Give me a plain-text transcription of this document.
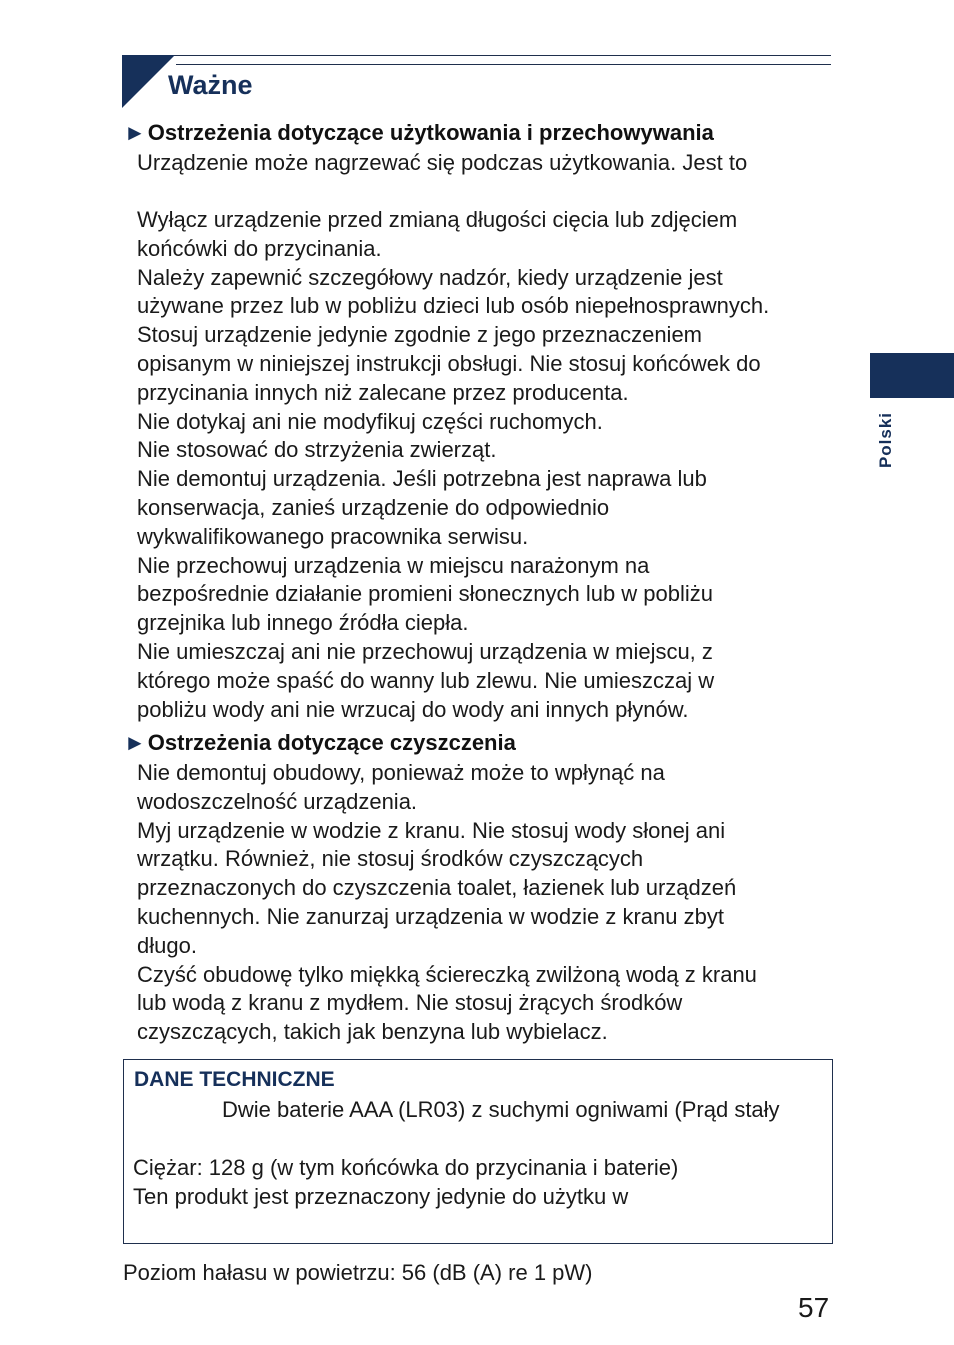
Ważne
Polski
►Ostrzeżenia dotyczące użytkowania i przechowywania
Urządzenie może nagrzewać się podczas użytkowania. Jest to
Wyłącz urządzenie przed zmianą długości cięcia lub zdjęciem
końcówki do przycinania.
Należy zapewnić szczegółowy nadzór, kiedy urządzenie jest
używane przez lub w pobliżu dzieci lub osób niepełnosprawnych.
Stosuj urządzenie jedynie zgodnie z jego przeznaczeniem
opisanym w niniejszej instrukcji obsługi. Nie stosuj końcówek do
przycinania innych niż zalecane przez producenta.
Nie dotykaj ani nie modyfikuj części ruchomych.
Nie stosować do strzyżenia zwierząt.
Nie demontuj urządzenia. Jeśli potrzebna jest naprawa lub
konserwacja, zanieś urządzenie do odpowiednio
wykwalifikowanego pracownika serwisu.
Nie przechowuj urządzenia w miejscu narażonym na
bezpośrednie działanie promieni słonecznych lub w pobliżu
grzejnika lub innego źródła ciepła.
Nie umieszczaj ani nie przechowuj urządzenia w miejscu, z
którego może spaść do wanny lub zlewu. Nie umieszczaj w
pobliżu wody ani nie wrzucaj do wody ani innych płynów.
►Ostrzeżenia dotyczące czyszczenia
Nie demontuj obudowy, ponieważ może to wpłynąć na
wodoszczelność urządzenia.
Myj urządzenie w wodzie z kranu. Nie stosuj wody słonej ani
wrzątku. Również, nie stosuj środków czyszczących
przeznaczonych do czyszczenia toalet, łazienek lub urządzeń
kuchennych. Nie zanurzaj urządzenia w wodzie z kranu zbyt
długo.
Czyść obudowę tylko miękką ściereczką zwilżoną wodą z kranu
lub wodą z kranu z mydłem. Nie stosuj żrących środków
czyszczących, takich jak benzyna lub wybielacz.
DANE TECHNICZNE
Dwie baterie AAA (LR03) z suchymi ogniwami (Prąd stały
Ciężar: 128 g (w tym końcówka do przycinania i baterie)
Ten produkt jest przeznaczony jedynie do użytku w
Poziom hałasu w powietrzu: 56 (dB (A) re 1 pW)
57
